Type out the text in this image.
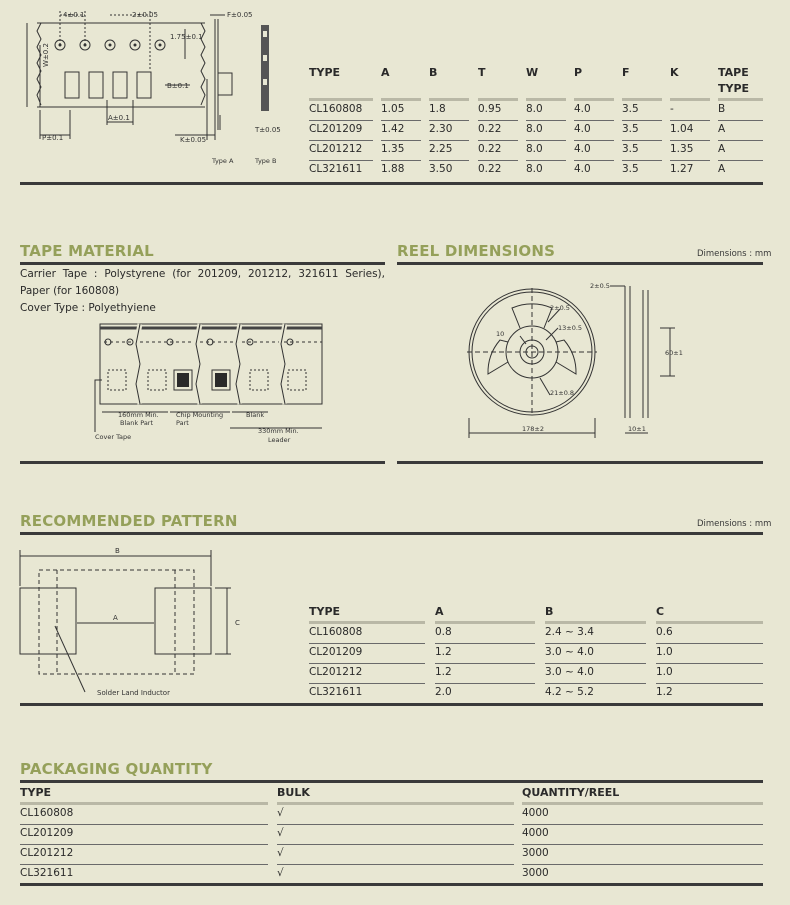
4±0.1	2±0.05	F±0.05
1.75±0.1
W±0.2
B±0.1
A±0.1
P±0.1	K±0.05
T±0.05
Type A	Type B
TYPE	A	B	T	W	P	F	K	TAPE
TYPE
CL160808 1.05 1.8	0.95 8.0	4.0	3.5	-	B
CL201209 1.42 2.30 0.22 8.0	4.0	3.5	1.04 A
CL201212 1.35 2.25 0.22 8.0	4.0	3.5	1.35 A
CL321611 1.88 3.50 0.22 8.0	4.0	3.5	1.27 A
TAPE MATERIAL
Carrier Tape : Polystyrene (for 201209, 201212, 321611 Series), Paper (for 160808)
Cover Type : Polyethyiene
160mm Min.
Blank Part
Chip Mounting
Part
Blank
330mm Min.
Leader
Cover Tape
REEL DIMENSIONS	Dimensions : mm
2±0.5
2±0.5
13±0.5
10
21±0.8
178±2	10±1
60±1
RECOMMENDED PATTERN	Dimensions : mm
B
A
C
Solder Land Inductor
TYPE	A	B	C
CL160808	0.8	2.4 ~ 3.4	0.6
CL201209	1.2	3.0 ~ 4.0	1.0
CL201212	1.2	3.0 ~ 4.0	1.0
CL321611	2.0	4.2 ~ 5.2	1.2
PACKAGING QUANTITY
TYPE	BULK	QUANTITY/REEL
CL160808	√	4000
CL201209	√	4000
CL201212	√	3000
CL321611	√	3000
